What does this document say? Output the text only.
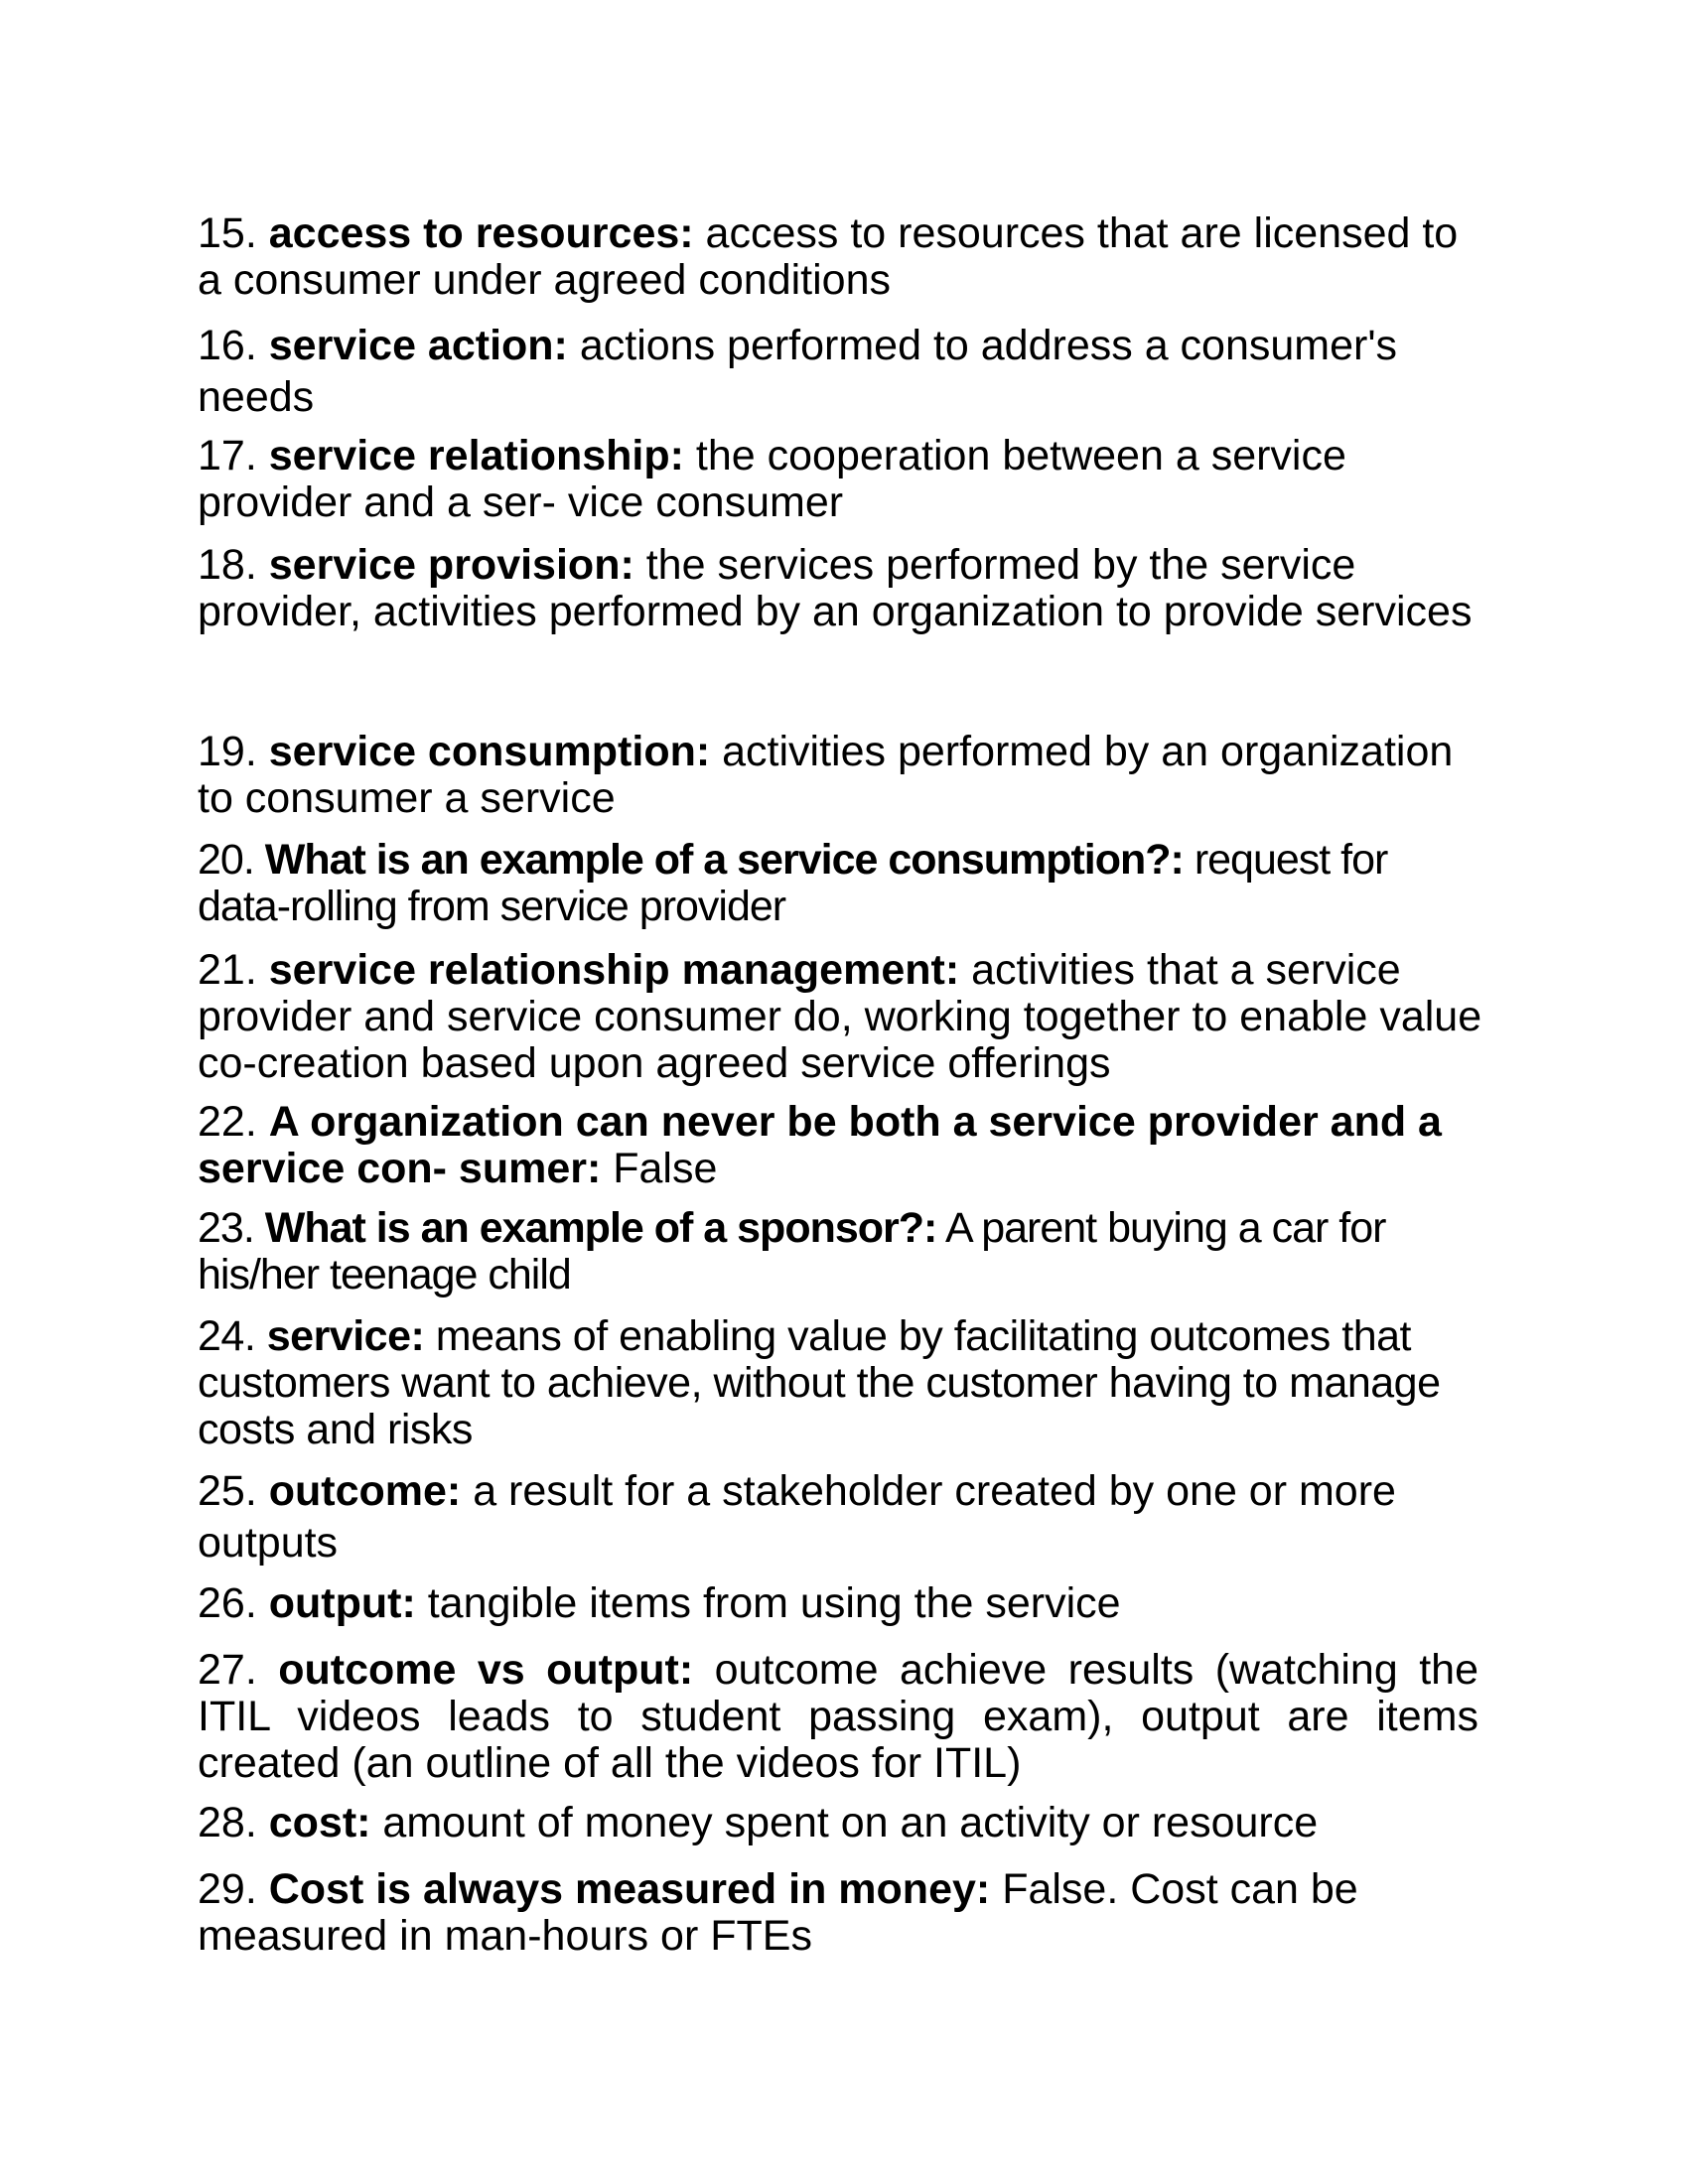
15. access to resources: access to resources that are licensed to a consumer under agreed conditions

16. service action: actions performed to address a consumer's needs

17. service relationship: the cooperation between a service provider and a ser- vice consumer

18. service provision: the services performed by the service provider, activities performed by an organization to provide services

19. service consumption: activities performed by an organization to consumer a service

20. What is an example of a service consumption?: request for data-rolling from service provider

21. service relationship management: activities that a service provider and service consumer do, working together to enable value co-creation based upon agreed service offerings

22. A organization can never be both a service provider and a service con- sumer: False

23. What is an example of a sponsor?: A parent buying a car for his/her teenage child

24. service: means of enabling value by facilitating outcomes that customers want to achieve, without the customer having to manage costs and risks

25. outcome: a result for a stakeholder created by one or more outputs

26. output: tangible items from using the service

27. outcome vs output: outcome achieve results (watching the ITIL videos leads to student passing exam), output are items created (an outline of all the videos for ITIL)

28. cost: amount of money spent on an activity or resource

29. Cost is always measured in money: False. Cost can be measured in man-hours or FTEs
